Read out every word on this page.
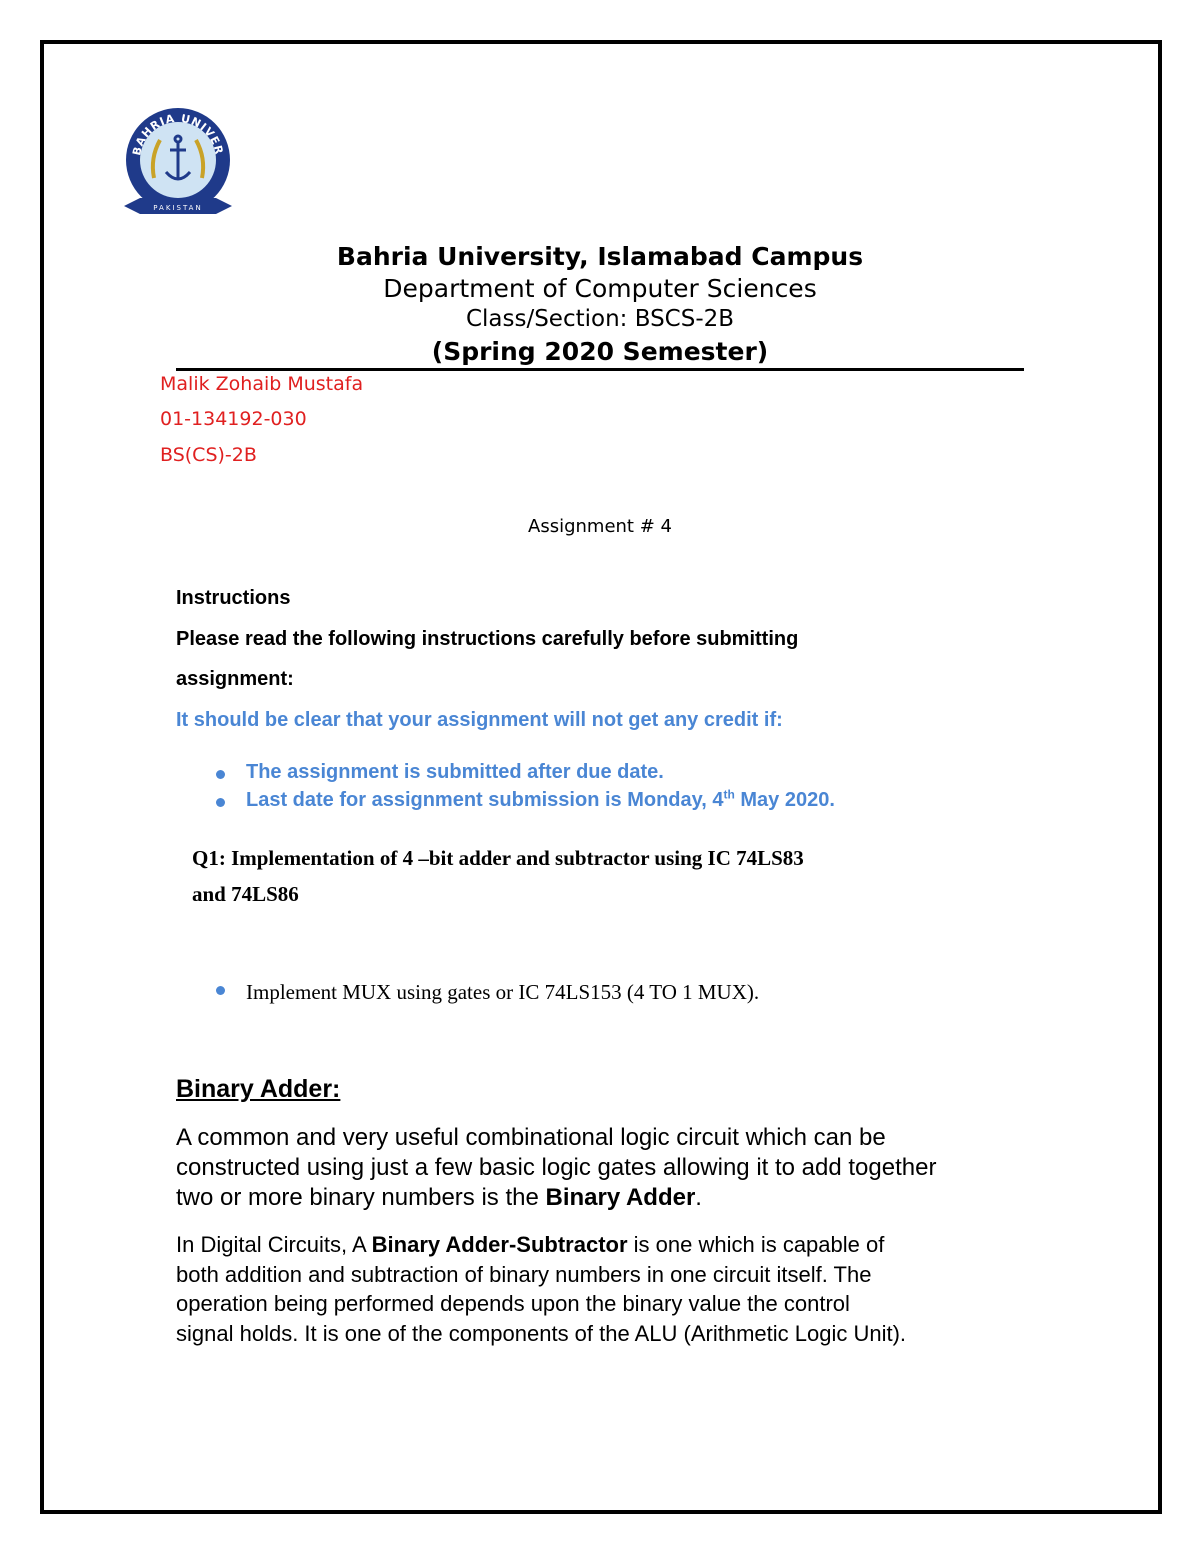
BAHRIA UNIVER
PAKISTAN
Bahria University, Islamabad Campus
Department of Computer Sciences
Class/Section: BSCS-2B
(Spring 2020 Semester)
Malik Zohaib Mustafa
01-134192-030
BS(CS)-2B
Assignment # 4
Instructions
Please read the following instructions carefully before submitting
assignment:
It should be clear that your assignment will not get any credit if:
The assignment is submitted after due date.
Last date for assignment submission is Monday, 4th May 2020.
Q1: Implementation of 4 –bit adder and subtractor using IC 74LS83
and 74LS86
Implement MUX using gates or IC 74LS153 (4 TO 1 MUX).
Binary Adder:
A common and very useful combinational logic circuit which can be
constructed using just a few basic logic gates allowing it to add together
two or more binary numbers is the Binary Adder.
In Digital Circuits, A Binary Adder-Subtractor is one which is capable of
both addition and subtraction of binary numbers in one circuit itself. The
operation being performed depends upon the binary value the control
signal holds. It is one of the components of the ALU (Arithmetic Logic Unit).
